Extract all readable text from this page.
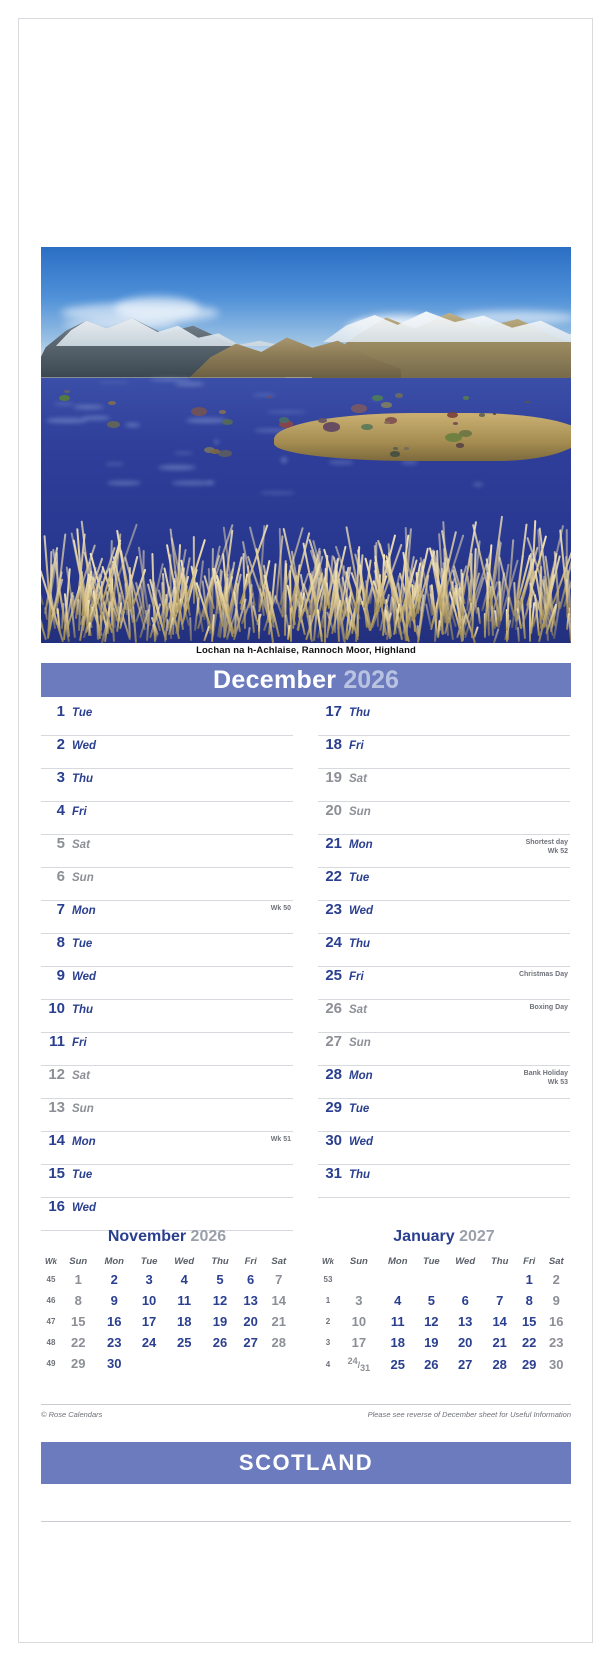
Lochan na h-Achlaise, Rannoch Moor, Highland
December 2026
1 Tue
2 Wed
3 Thu
4 Fri
5 Sat
6 Sun
7 Mon	Wk 50
8 Tue
9 Wed
10 Thu
11 Fri
12 Sat
13 Sun
14 Mon	Wk 51
15 Tue
16 Wed
17 Thu
18 Fri
19 Sat
20 Sun
21 Mon	Shortest day
Wk 52
22 Tue
23 Wed
24 Thu
25 Fri	Christmas Day
26 Sat	Boxing Day
27 Sun
28 Mon	Bank Holiday
Wk 53
29 Tue
30 Wed
31 Thu
November 2026
Wk	Sun	Mon	Tue	Wed	Thu	Fri	Sat
45	1	2	3	4	5	6	7
46	8	9	10	11	12	13	14
47	15	16	17	18	19	20	21
48	22	23	24	25	26	27	28
49	29	30					
January 2027
Wk	Sun	Mon	Tue	Wed	Thu	Fri	Sat
53						1	2
1	3	4	5	6	7	8	9
2	10	11	12	13	14	15	16
3	17	18	19	20	21	22	23
4	$^{24}/_{31}$	25	26	27	28	29	30
© Rose Calendars	Please see reverse of December sheet for Useful Information
SCOTLAND
